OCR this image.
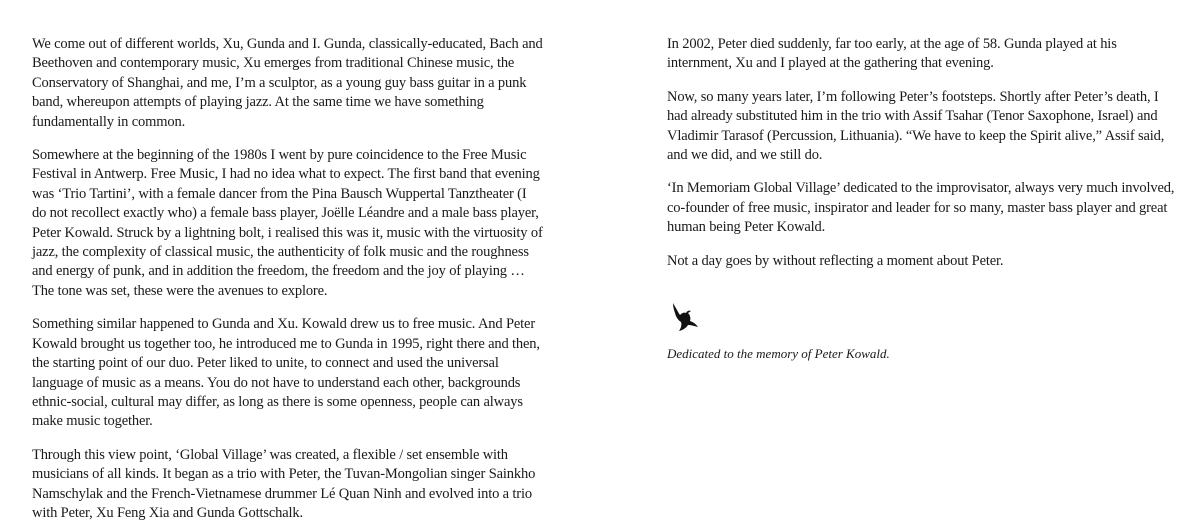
We come out of different worlds, Xu, Gunda and I. Gunda, classically-educated, Bach and Beethoven and contemporary music, Xu emerges from traditional Chinese music, the Conservatory of Shanghai, and me, I’m a sculptor, as a young guy bass guitar in a punk band, whereupon attempts of playing jazz. At the same time we have something fundamentally in common.

Somewhere at the beginning of the 1980s I went by pure coincidence to the Free Music Festival in Antwerp. Free Music, I had no idea what to expect. The first band that evening was ‘Trio Tartini’, with a female dancer from the Pina Bausch Wuppertal Tanztheater (I do not recollect exactly who) a female bass player, Joëlle Léandre and a male bass player, Peter Kowald. Struck by a lightning bolt, i realised this was it, music with the virtuosity of jazz, the complexity of classical music, the authenticity of folk music and the roughness and energy of punk, and in addition the freedom, the freedom and the joy of playing … The tone was set, these were the avenues to explore.

Something similar happened to Gunda and Xu. Kowald drew us to free music. And Peter Kowald brought us together too, he introduced me to Gunda in 1995, right there and then, the starting point of our duo. Peter liked to unite, to connect and used the universal language of music as a means. You do not have to understand each other, backgrounds ethnic-social, cultural may differ, as long as there is some openness, people can always make music together.

Through this view point, ‘Global Village’ was created, a flexible / set ensemble with musicians of all kinds. It began as a trio with Peter, the Tuvan-Mongolian singer Sainkho Namschylak and the French-Vietnamese drummer Lé Quan Ninh and evolved into a trio with Peter, Xu Feng Xia and Gunda Gottschalk.

In 2002, Peter died suddenly, far too early, at the age of 58. Gunda played at his internment, Xu and I played at the gathering that evening.

Now, so many years later, I’m following Peter’s footsteps. Shortly after Peter’s death, I had already substituted him in the trio with Assif Tsahar (Tenor Saxophone, Israel) and Vladimir Tarasof (Percussion, Lithuania). “We have to keep the Spirit alive,” Assif said, and we did, and we still do.

‘In Memoriam Global Village’ dedicated to the improvisator, always very much involved, co-founder of free music, inspirator and leader for so many, master bass player and great human being Peter Kowald.

Not a day goes by without reflecting a moment about Peter.

Dedicated to the memory of Peter Kowald.
